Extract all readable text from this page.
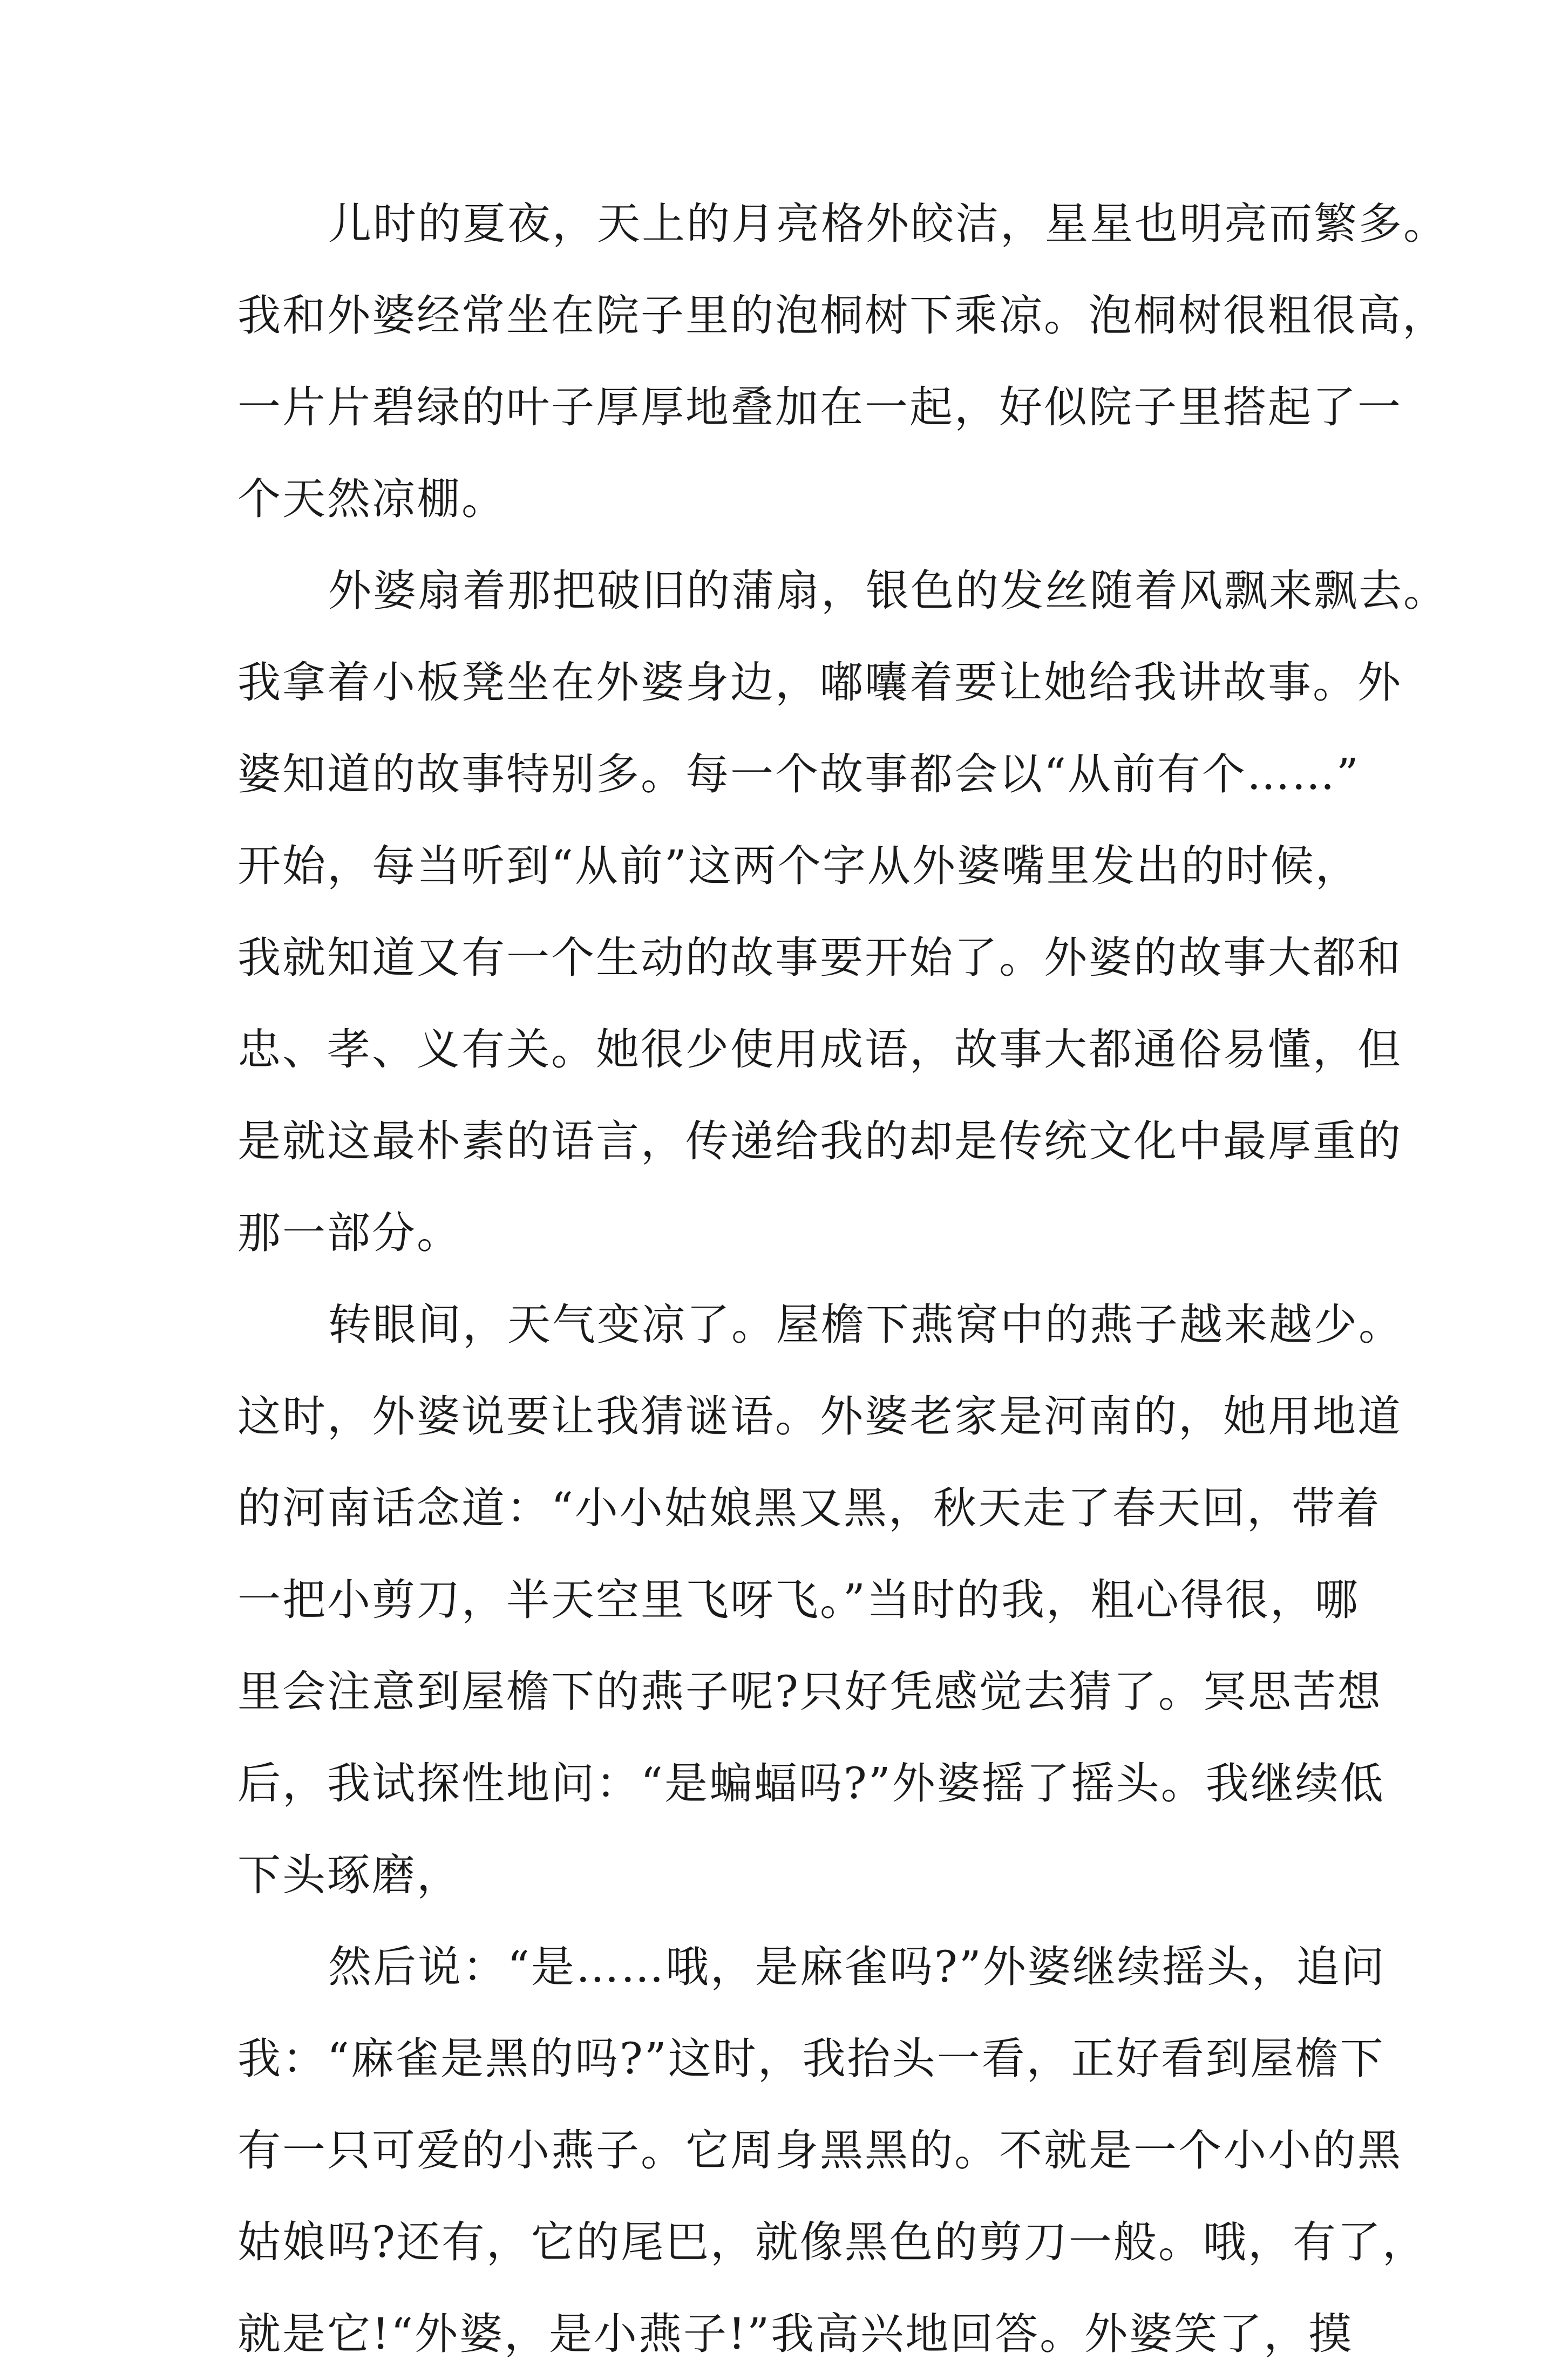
儿时的夏夜，天上的月亮格外皎洁，星星也明亮而繁多。
我和外婆经常坐在院子里的泡桐树下乘凉。泡桐树很粗很高，
一片片碧绿的叶子厚厚地叠加在一起，好似院子里搭起了一
个天然凉棚。
外婆扇着那把破旧的蒲扇，银色的发丝随着风飘来飘去。
我拿着小板凳坐在外婆身边，嘟囔着要让她给我讲故事。外
婆知道的故事特别多。每一个故事都会以“从前有个……”
开始，每当听到“从前”这两个字从外婆嘴里发出的时候，
我就知道又有一个生动的故事要开始了。外婆的故事大都和
忠、孝、义有关。她很少使用成语，故事大都通俗易懂，但
是就这最朴素的语言，传递给我的却是传统文化中最厚重的
那一部分。
转眼间，天气变凉了。屋檐下燕窝中的燕子越来越少。
这时，外婆说要让我猜谜语。外婆老家是河南的，她用地道
的河南话念道：“小小姑娘黑又黑，秋天走了春天回，带着
一把小剪刀，半天空里飞呀飞。”当时的我，粗心得很，哪
里会注意到屋檐下的燕子呢?只好凭感觉去猜了。冥思苦想
后，我试探性地问：“是蝙蝠吗?”外婆摇了摇头。我继续低
下头琢磨，
然后说：“是……哦，是麻雀吗?”外婆继续摇头，追问
我：“麻雀是黑的吗?”这时，我抬头一看，正好看到屋檐下
有一只可爱的小燕子。它周身黑黑的。不就是一个小小的黑
姑娘吗?还有，它的尾巴，就像黑色的剪刀一般。哦，有了，
就是它!“外婆，是小燕子!”我高兴地回答。外婆笑了，摸
